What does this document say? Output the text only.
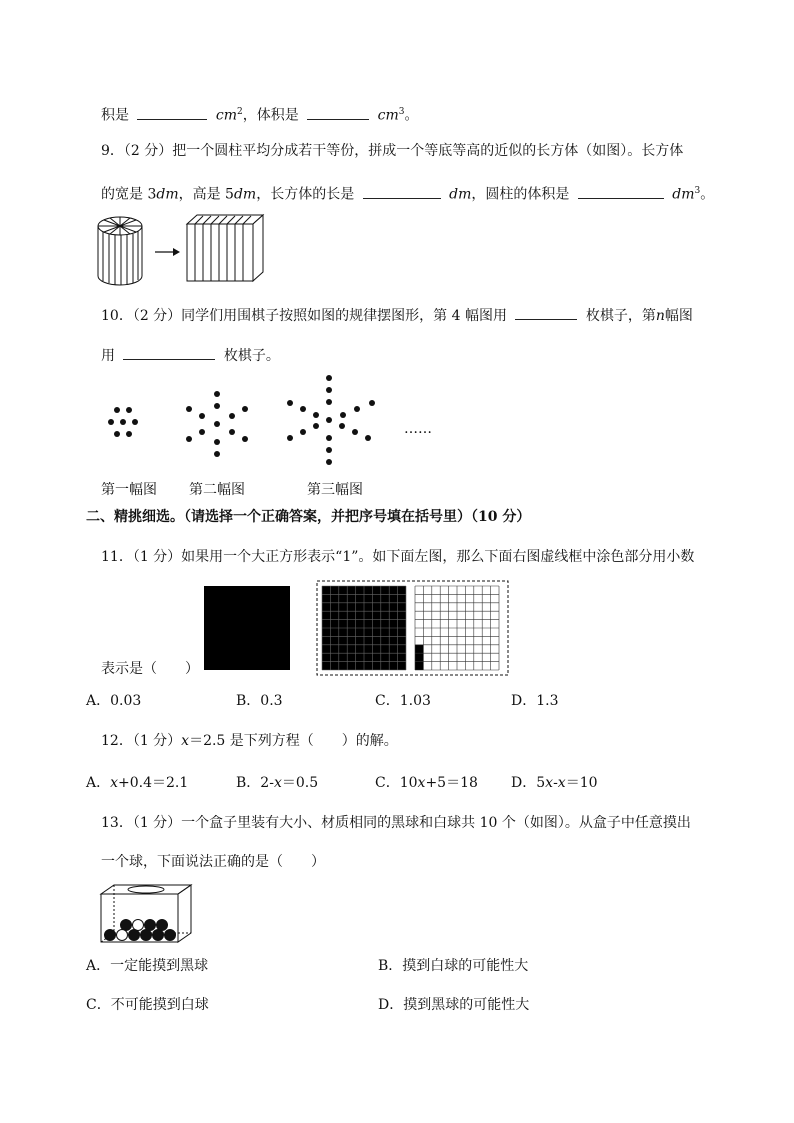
积是	$cm^2$，体积是	$cm^3$。
9．（2 分）把一个圆柱平均分成若干等份，拼成一个等底等高的近似的长方体（如图）。长方体
的宽是 3dm，高是 5dm，长方体的长是	dm，圆柱的体积是	$dm^3$。
10．（2 分）同学们用围棋子按照如图的规律摆图形，第 4 幅图用	枚棋子，第n幅图
用	枚棋子。
……
第一幅图 第二幅图	第三幅图
二、精挑细选。（请选择一个正确答案，并把序号填在括号里）（10 分）
11．（1 分）如果用一个大正方形表示“1”。如下面左图，那么下面右图虚线框中涂色部分用小数
表示是（　　）
A．0.03	B．0.3	C．1.03	D．1.3
12．（1 分）x＝2.5 是下列方程（　　）的解。
A．x+0.4＝2.1	B．2-x＝0.5	C．10x+5＝18 D．5x-x＝10
13．（1 分）一个盒子里装有大小、材质相同的黑球和白球共 10 个（如图）。从盒子中任意摸出
一个球，下面说法正确的是（　　）
A．一定能摸到黑球	B．摸到白球的可能性大
C．不可能摸到白球	D．摸到黑球的可能性大
